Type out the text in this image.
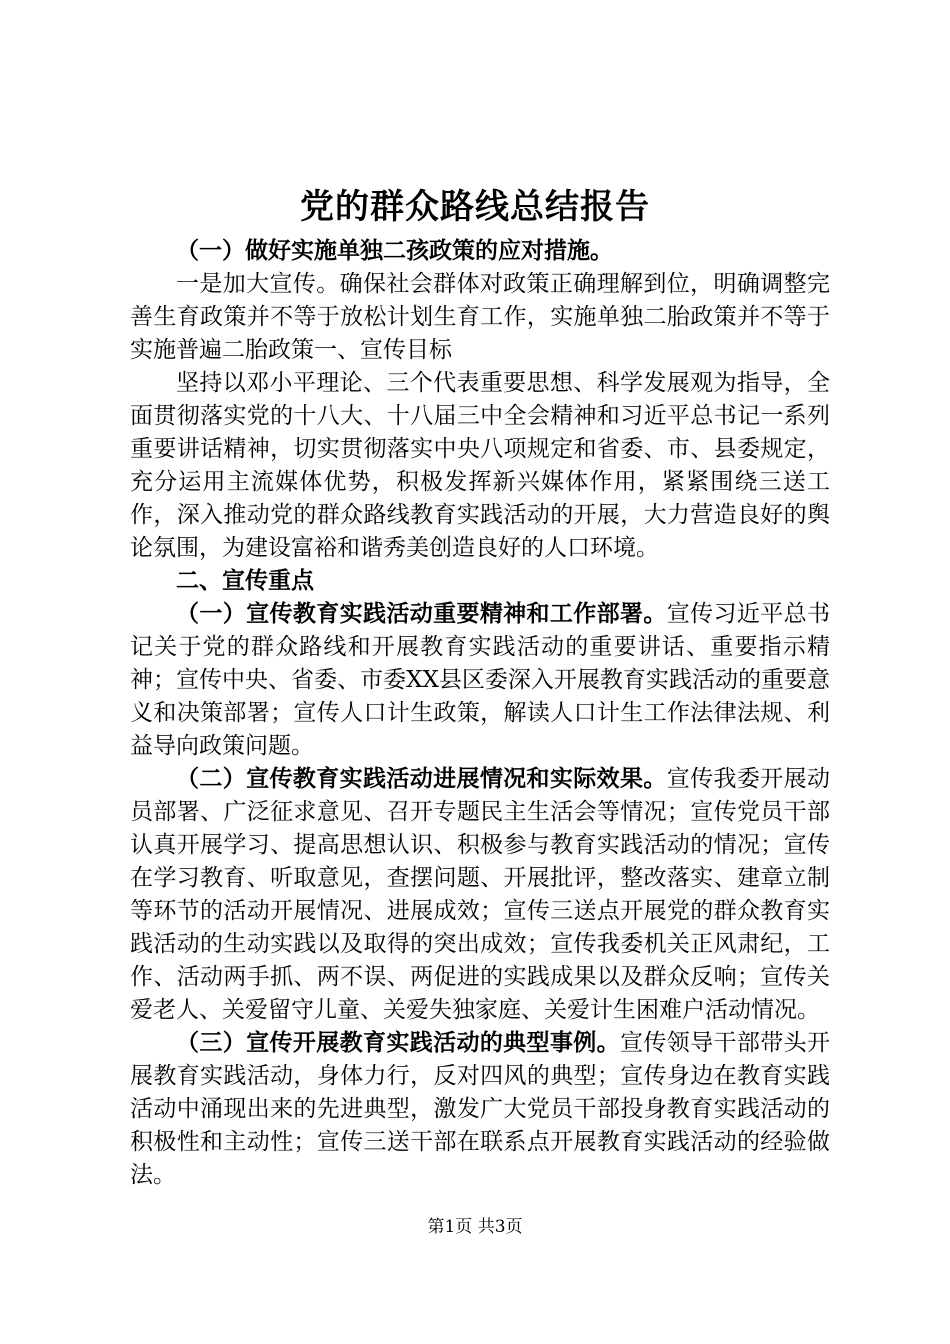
党的群众路线总结报告

（一）做好实施单独二孩政策的应对措施。

一是加大宣传。确保社会群体对政策正确理解到位，明确调整完善生育政策并不等于放松计划生育工作，实施单独二胎政策并不等于实施普遍二胎政策一、宣传目标

坚持以邓小平理论、三个代表重要思想、科学发展观为指导，全面贯彻落实党的十八大、十八届三中全会精神和习近平总书记一系列重要讲话精神，切实贯彻落实中央八项规定和省委、市、县委规定，充分运用主流媒体优势，积极发挥新兴媒体作用，紧紧围绕三送工作，深入推动党的群众路线教育实践活动的开展，大力营造良好的舆论氛围，为建设富裕和谐秀美创造良好的人口环境。

二、宣传重点

（一）宣传教育实践活动重要精神和工作部署。宣传习近平总书记关于党的群众路线和开展教育实践活动的重要讲话、重要指示精神；宣传中央、省委、市委XX县区委深入开展教育实践活动的重要意义和决策部署；宣传人口计生政策，解读人口计生工作法律法规、利益导向政策问题。

（二）宣传教育实践活动进展情况和实际效果。宣传我委开展动员部署、广泛征求意见、召开专题民主生活会等情况；宣传党员干部认真开展学习、提高思想认识、积极参与教育实践活动的情况；宣传在学习教育、听取意见，查摆问题、开展批评，整改落实、建章立制等环节的活动开展情况、进展成效；宣传三送点开展党的群众教育实践活动的生动实践以及取得的突出成效；宣传我委机关正风肃纪，工作、活动两手抓、两不误、两促进的实践成果以及群众反响；宣传关爱老人、关爱留守儿童、关爱失独家庭、关爱计生困难户活动情况。

（三）宣传开展教育实践活动的典型事例。宣传领导干部带头开展教育实践活动，身体力行，反对四风的典型；宣传身边在教育实践活动中涌现出来的先进典型，激发广大党员干部投身教育实践活动的积极性和主动性；宣传三送干部在联系点开展教育实践活动的经验做法。

第1页 共3页
